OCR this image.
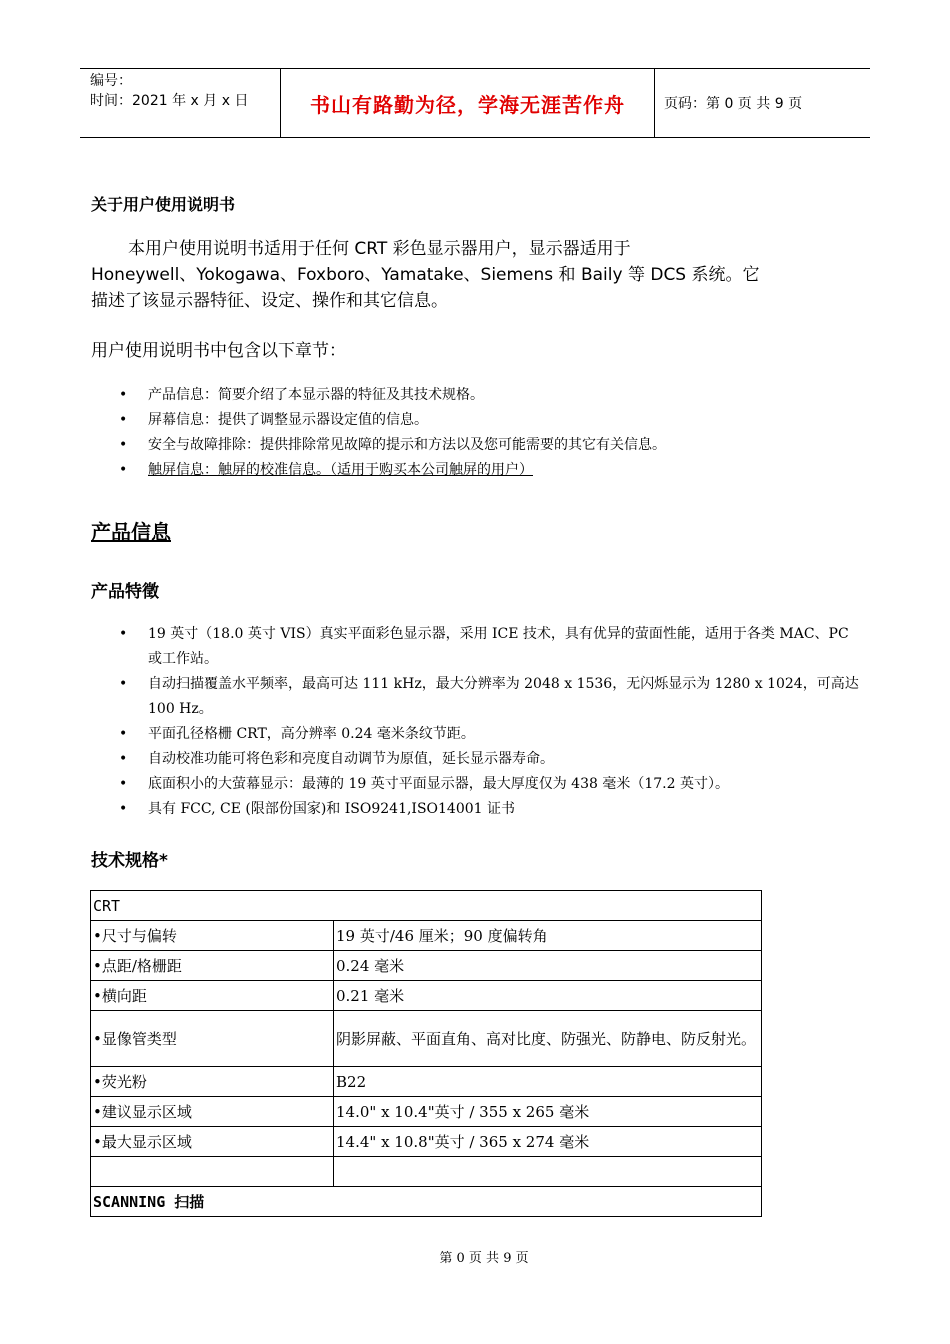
编号：
时间：2021 年 x 月 x 日	书山有路勤为径，学海无涯苦作舟	页码：第 0 页 共 9 页
关于用户使用说明书

本用户使用说明书适用于任何 CRT 彩色显示器用户，显示器适用于

Honeywell、Yokogawa、Foxboro、Yamatake、Siemens 和 Baily 等 DCS 系统。它

描述了该显示器特征、设定、操作和其它信息。

用户使用说明书中包含以下章节：
• 产品信息：简要介绍了本显示器的特征及其技术规格。
• 屏幕信息：提供了调整显示器设定值的信息。
• 安全与故障排除：提供排除常见故障的提示和方法以及您可能需要的其它有关信息。
• 触屏信息：触屏的校准信息。（适用于购买本公司触屏的用户）
产品信息
产品特徵
• 19 英寸（18.0 英寸 VIS）真实平面彩色显示器，采用 ICE 技术，具有优异的萤面性能，适用于各类 MAC、PC 或工作站。
• 自动扫描覆盖水平频率，最高可达 111 kHz，最大分辨率为 2048 x 1536，无闪烁显示为 1280 x 1024，可高达 100 Hz。
• 平面孔径格栅 CRT，高分辨率 0.24 毫米条纹节距。
• 自动校准功能可将色彩和亮度自动调节为原值，延长显示器寿命。
• 底面积小的大萤幕显示：最薄的 19 英寸平面显示器，最大厚度仅为 438 毫米（17.2 英寸）。
• 具有 FCC, CE (限部份国家)和 ISO9241,ISO14001 证书
技术规格*
CRT	
•尺寸与偏转	19 英寸/46 厘米；90 度偏转角
•点距/格栅距	0.24 毫米
•横向距	0.21 毫米
•显像管类型	阴影屏蔽、平面直角、高对比度、防强光、防静电、防反射光。
•荧光粉	B22
•建议显示区域	14.0" x 10.4"英寸 / 355 x 265 毫米
•最大显示区域	14.4" x 10.8"英寸 / 365 x 274 毫米

SCANNING 扫描	
第 0 页 共 9 页
